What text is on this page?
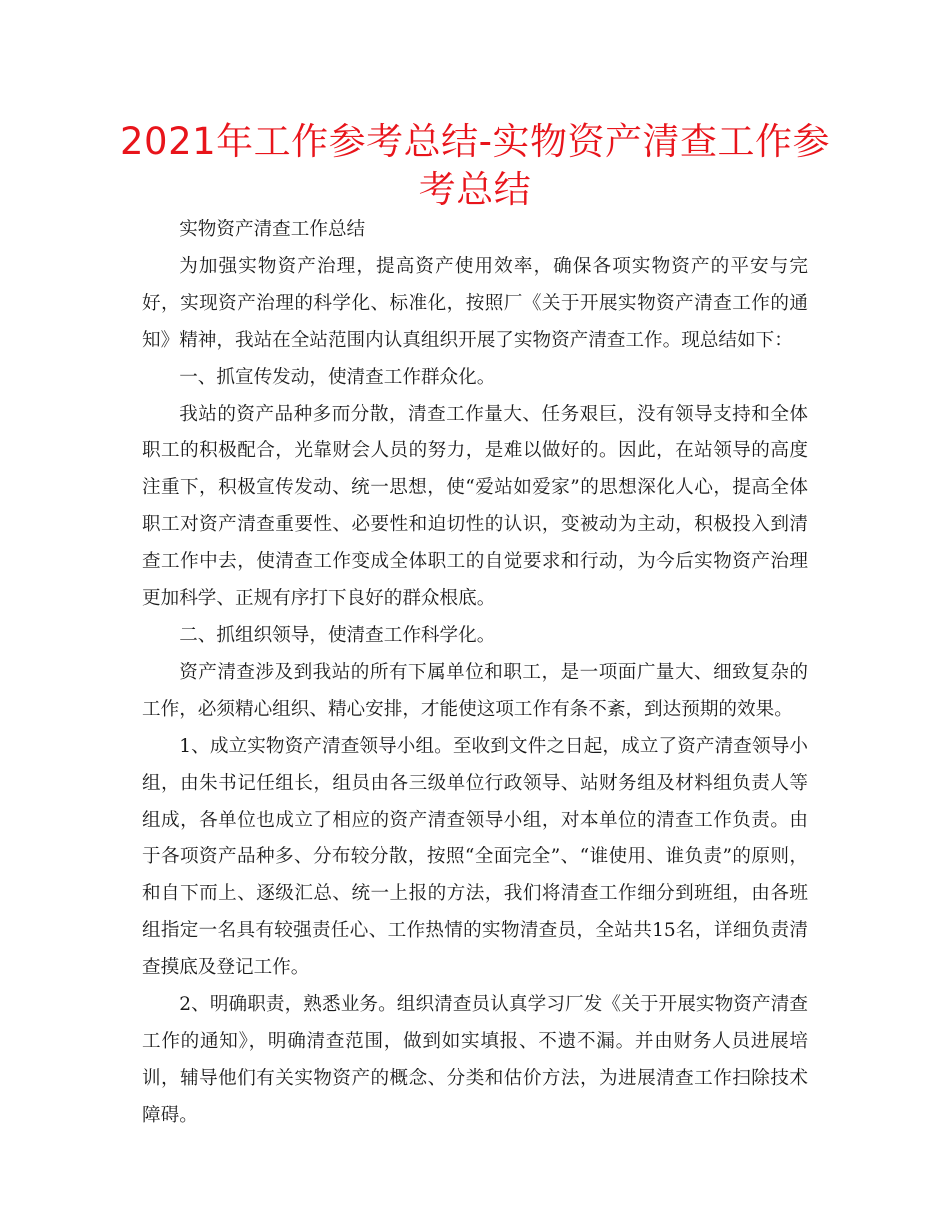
2021年工作参考总结-实物资产清查工作参考总结

实物资产清查工作总结

为加强实物资产治理，提高资产使用效率，确保各项实物资产的平安与完好，实现资产治理的科学化、标准化，按照厂《关于开展实物资产清查工作的通知》精神，我站在全站范围内认真组织开展了实物资产清查工作。现总结如下：

一、抓宣传发动，使清查工作群众化。

我站的资产品种多而分散，清查工作量大、任务艰巨，没有领导支持和全体职工的积极配合，光靠财会人员的努力，是难以做好的。因此，在站领导的高度注重下，积极宣传发动、统一思想，使“爱站如爱家”的思想深化人心，提高全体职工对资产清查重要性、必要性和迫切性的认识，变被动为主动，积极投入到清查工作中去，使清查工作变成全体职工的自觉要求和行动，为今后实物资产治理更加科学、正规有序打下良好的群众根底。

二、抓组织领导，使清查工作科学化。

资产清查涉及到我站的所有下属单位和职工，是一项面广量大、细致复杂的工作，必须精心组织、精心安排，才能使这项工作有条不紊，到达预期的效果。

1、成立实物资产清查领导小组。至收到文件之日起，成立了资产清查领导小组，由朱书记任组长，组员由各三级单位行政领导、站财务组及材料组负责人等组成，各单位也成立了相应的资产清查领导小组，对本单位的清查工作负责。由于各项资产品种多、分布较分散，按照“全面完全”、“谁使用、谁负责”的原则，和自下而上、逐级汇总、统一上报的方法，我们将清查工作细分到班组，由各班组指定一名具有较强责任心、工作热情的实物清查员，全站共15名，详细负责清查摸底及登记工作。

2、明确职责，熟悉业务。组织清查员认真学习厂发《关于开展实物资产清查工作的通知》，明确清查范围，做到如实填报、不遗不漏。并由财务人员进展培训，辅导他们有关实物资产的概念、分类和估价方法，为进展清查工作扫除技术障碍。
